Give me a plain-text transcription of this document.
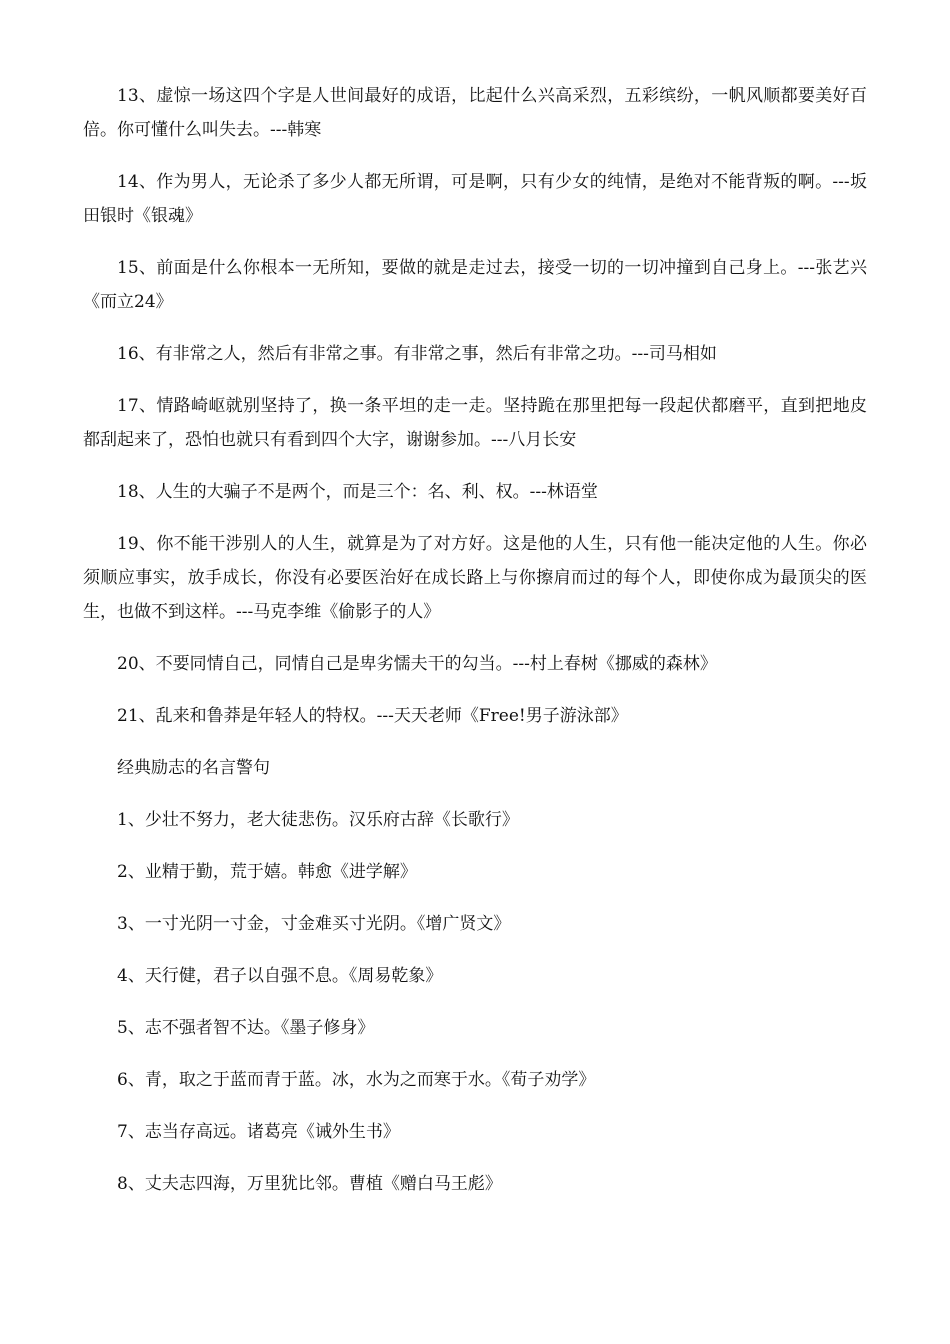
13、虚惊一场这四个字是人世间最好的成语，比起什么兴高采烈，五彩缤纷，一帆风顺都要美好百倍。你可懂什么叫失去。---韩寒

14、作为男人，无论杀了多少人都无所谓，可是啊，只有少女的纯情，是绝对不能背叛的啊。---坂田银时《银魂》

15、前面是什么你根本一无所知，要做的就是走过去，接受一切的一切冲撞到自己身上。---张艺兴《而立24》

16、有非常之人，然后有非常之事。有非常之事，然后有非常之功。---司马相如

17、情路崎岖就别坚持了，换一条平坦的走一走。坚持跪在那里把每一段起伏都磨平，直到把地皮都刮起来了，恐怕也就只有看到四个大字，谢谢参加。---八月长安

18、人生的大骗子不是两个，而是三个：名、利、权。---林语堂

19、你不能干涉别人的人生，就算是为了对方好。这是他的人生，只有他一能决定他的人生。你必须顺应事实，放手成长，你没有必要医治好在成长路上与你擦肩而过的每个人，即使你成为最顶尖的医生，也做不到这样。---马克李维《偷影子的人》

20、不要同情自己，同情自己是卑劣懦夫干的勾当。---村上春树《挪威的森林》

21、乱来和鲁莽是年轻人的特权。---天天老师《Free!男子游泳部》

经典励志的名言警句

1、少壮不努力，老大徒悲伤。汉乐府古辞《长歌行》

2、业精于勤，荒于嬉。韩愈《进学解》

3、一寸光阴一寸金，寸金难买寸光阴。《增广贤文》

4、天行健，君子以自强不息。《周易乾象》

5、志不强者智不达。《墨子修身》

6、青，取之于蓝而青于蓝。冰，水为之而寒于水。《荀子劝学》

7、志当存高远。诸葛亮《诫外生书》

8、丈夫志四海，万里犹比邻。曹植《赠白马王彪》
